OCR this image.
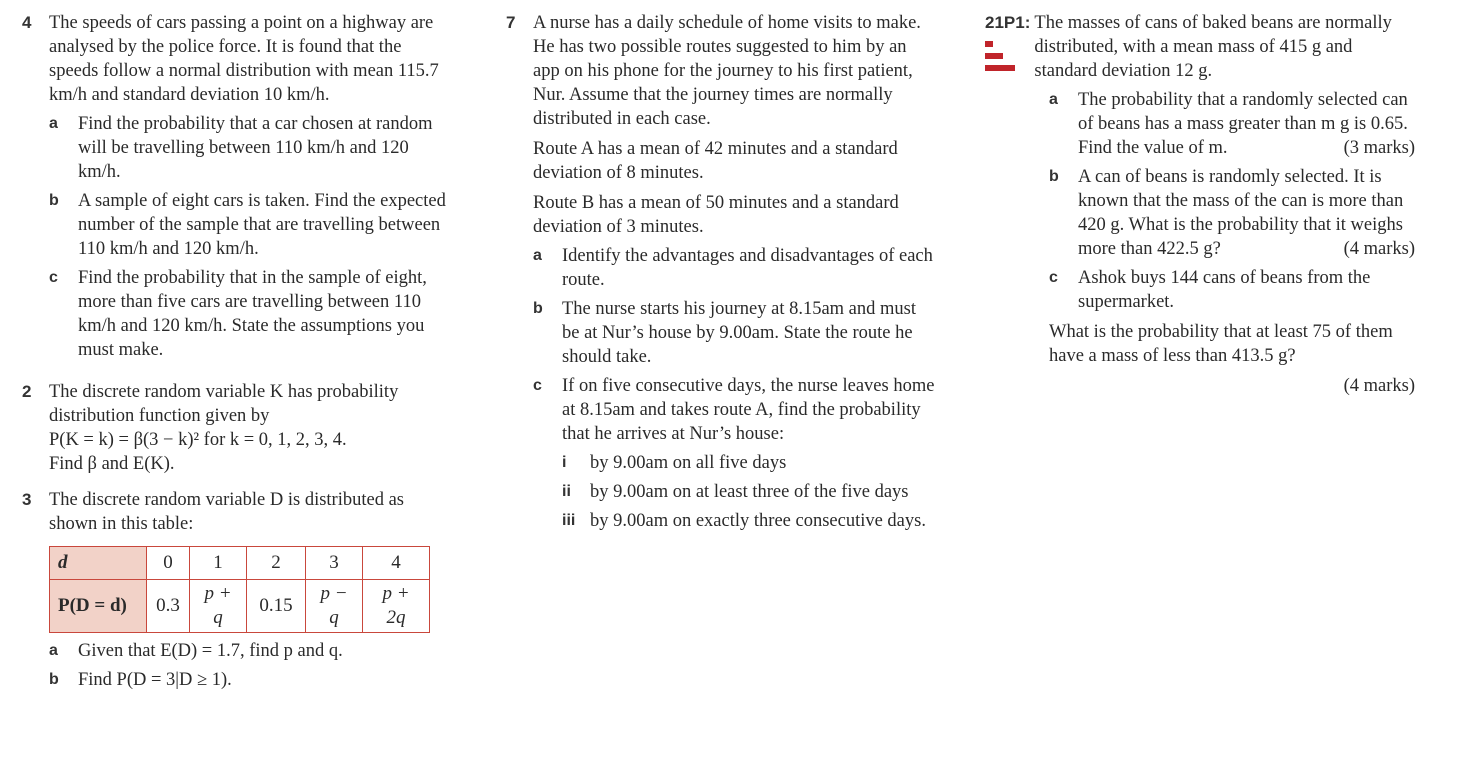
4 The speeds of cars passing a point on a highway are analysed by the police force. It is found that the speeds follow a normal distribution with mean 115.7 km/h and standard deviation 10 km/h.

a Find the probability that a car chosen at random will be travelling between 110 km/h and 120 km/h.

b A sample of eight cars is taken. Find the expected number of the sample that are travelling between 110 km/h and 120 km/h.

c Find the probability that in the sample of eight, more than five cars are travelling between 110 km/h and 120 km/h. State the assumptions you must make.

2 The discrete random variable K has probability distribution function given by

P(K = k) = β(3 − k)² for k = 0, 1, 2, 3, 4.

Find β and E(K).

3 The discrete random variable D is distributed as shown in this table:

d	0	1	2	3	4
P(D = d)	0.3	p + q	0.15	p − q	p + 2q
a Given that E(D) = 1.7, find p and q.

b Find P(D = 3|D ≥ 1).

7 A nurse has a daily schedule of home visits to make. He has two possible routes suggested to him by an app on his phone for the journey to his first patient, Nur. Assume that the journey times are normally distributed in each case.

Route A has a mean of 42 minutes and a standard deviation of 8 minutes.

Route B has a mean of 50 minutes and a standard deviation of 3 minutes.

a Identify the advantages and disadvantages of each route.

b The nurse starts his journey at 8.15am and must be at Nur’s house by 9.00am. State the route he should take.

c If on five consecutive days, the nurse leaves home at 8.15am and takes route A, find the probability that he arrives at Nur’s house:

i by 9.00am on all five days

ii by 9.00am on at least three of the five days

iii by 9.00am on exactly three consecutive days.

21 P1: The masses of cans of baked beans are normally distributed, with a mean mass of 415 g and standard deviation 12 g.

a The probability that a randomly selected can of beans has a mass greater than m g is 0.65. Find the value of m.	(3 marks)

b A can of beans is randomly selected. It is known that the mass of the can is more than 420 g. What is the probability that it weighs more than 422.5 g?	(4 marks)

c Ashok buys 144 cans of beans from the supermarket.

What is the probability that at least 75 of them have a mass of less than 413.5 g?

(4 marks)
